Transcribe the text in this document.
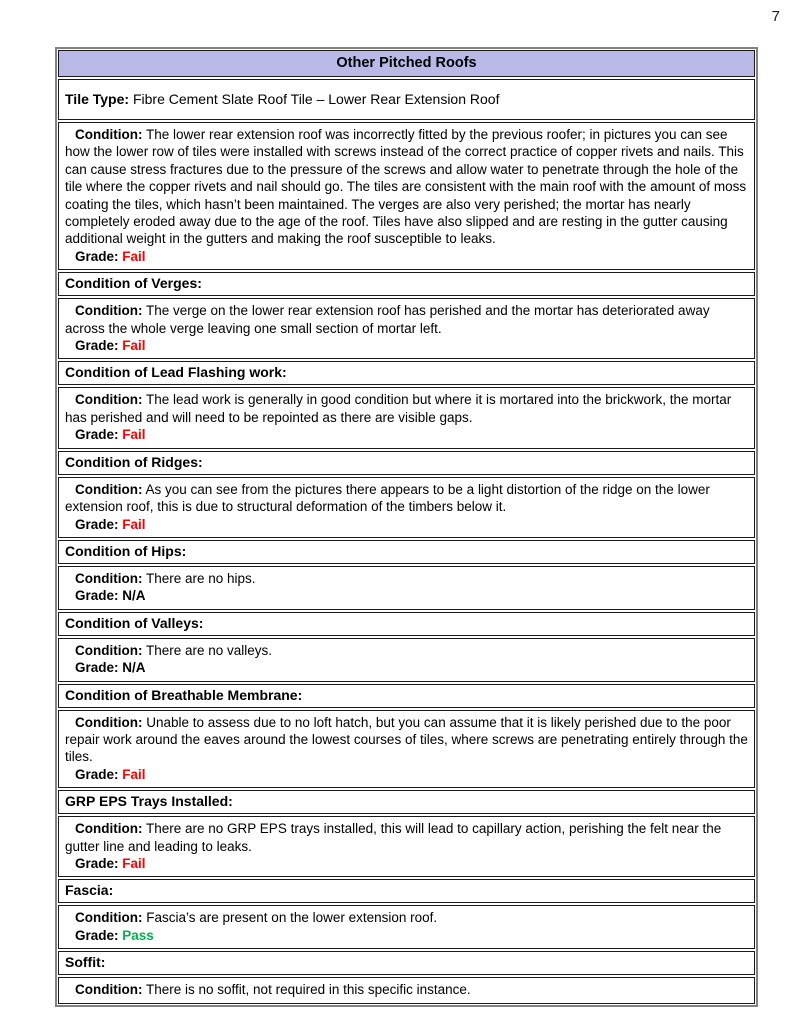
7
Other Pitched Roofs
Tile Type: Fibre Cement Slate Roof Tile – Lower Rear Extension Roof

Condition: The lower rear extension roof was incorrectly fitted by the previous roofer; in pictures you can see how the lower row of tiles were installed with screws instead of the correct practice of copper rivets and nails. This can cause stress fractures due to the pressure of the screws and allow water to penetrate through the hole of the tile where the copper rivets and nail should go. The tiles are consistent with the main roof with the amount of moss coating the tiles, which hasn’t been maintained. The verges are also very perished; the mortar has nearly completely eroded away due to the age of the roof. Tiles have also slipped and are resting in the gutter causing additional weight in the gutters and making the roof susceptible to leaks.

Grade: Fail

Condition of Verges:

Condition: The verge on the lower rear extension roof has perished and the mortar has deteriorated away across the whole verge leaving one small section of mortar left.

Grade: Fail

Condition of Lead Flashing work:

Condition: The lead work is generally in good condition but where it is mortared into the brickwork, the mortar has perished and will need to be repointed as there are visible gaps.

Grade: Fail

Condition of Ridges:

Condition: As you can see from the pictures there appears to be a light distortion of the ridge on the lower extension roof, this is due to structural deformation of the timbers below it.

Grade: Fail

Condition of Hips:

Condition: There are no hips.

Grade: N/A

Condition of Valleys:

Condition: There are no valleys.

Grade: N/A

Condition of Breathable Membrane:

Condition: Unable to assess due to no loft hatch, but you can assume that it is likely perished due to the poor repair work around the eaves around the lowest courses of tiles, where screws are penetrating entirely through the tiles.

Grade: Fail

GRP EPS Trays Installed:

Condition: There are no GRP EPS trays installed, this will lead to capillary action, perishing the felt near the gutter line and leading to leaks.

Grade: Fail

Fascia:

Condition: Fascia’s are present on the lower extension roof.

Grade: Pass

Soffit:

Condition: There is no soffit, not required in this specific instance.
